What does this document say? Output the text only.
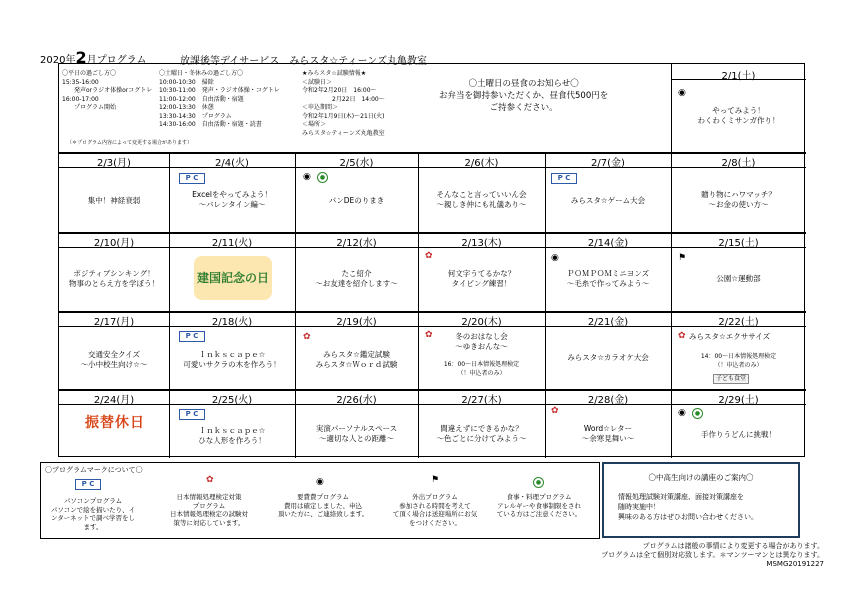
2020年2月プログラム	放課後等デイサービス　みらスタ☆ティーンズ丸亀教室
〇平日の過ごし方〇
15:35-16:00
　　発声orラジオ体操orコグトレ
16:00-17:00
　　プログラム開始
（＊プログラム内容によって変更する場合があります）
〇土曜日・冬休みの過ごし方〇
10:00-10:30　掃除
10:30-11:00　発声・ラジオ体操・コグトレ
11:00-12:00　自由活動・宿題
12:00-13:30　休憩
13:30-14:30　プログラム
14:30-16:00　自由活動・宿題・読書
★みらスタ☆試験情報★
＜試験日＞
令和2年2月20日　16:00～
　　　　　2月22日　14:00～
＜申込期間＞
令和2年1月9日(木)～21日(火)
＜場所＞
みらスタ☆ティーンズ丸亀教室
〇土曜日の昼食のお知らせ〇
お弁当を御持参いただくか、昼食代500円を
ご持参ください。
2/1(土)
◉
やってみよう！
わくわくミサンガ作り！
2/3(月)
集中！神経衰弱
2/4(火)
P C
Excelをやってみよう！
～バレンタイン編～
2/5(水)
◉	●
パンDEのりまき
2/6(木)
そんなこと言っていいん会
～親しき仲にも礼儀あり～
2/7(金)
P C
みらスタ☆ゲーム大会
2/8(土)
贈り物にハワマッチ？
～お金の使い方～
2/10(月)
ポジティブシンキング！
物事のとらえ方を学ぼう！
2/11(火)
建国記念の日
2/12(水)
たこ紹介
～お友達を紹介します～
2/13(木)
✿
何文字うてるかな？
タイピング練習！
2/14(金)
◉
ＰＯＭＰＯＭミニヨンズ
～毛糸で作ってみよう～
2/15(土)
⚑
公園☆運動部
2/17(月)
交通安全クイズ
～小中校生向け☆～
2/18(火)
P C
Ｉｎｋｓｃａｐｅ☆
可愛いサクラの木を作ろう！
2/19(水)
✿
みらスタ☆鑑定試験
みらスタ☆Ｗｏｒｄ試験
2/20(木)
✿	冬のおはなし会
～ゆきおんな～
16：00～日本情報処理検定
（！申込者のみ）
2/21(金)
みらスタ☆カラオケ大会
2/22(土)
✿ みらスタ☆エクササイズ
14：00～日本情報処理検定
（！申込者のみ）
子ども食堂
2/24(月)
振替休日
2/25(火)
P C
Ｉｎｋｓｃａｐｅ☆
ひな人形を作ろう！
2/26(水)
実演パーソナルスペース
～適切な人との距離～
2/27(木)
間違えずにできるかな？
～色ごとに分けてみよう～
2/28(金)
✿
Word☆レター
～余寒見舞い～
2/29(土)
◉	●
手作りうどんに挑戦！
〇プログラムマークについて〇
P C
パソコンプログラム
パソコンで絵を描いたり、イ
ンターネットで調べ学習をし
ます。
✿
日本情報処理検定対策
プログラム
日本情報処理検定の試験対
策等に対応しています。
◉
要費費プログラム
費用は確定しました、申込
頂いた方に、ご連絡致します。
⚑
外出プログラム
参加される時間を考えて
て頂く場合は送迎場所にお気
をつけください。
●
食事・料理プログラム
アレルギーや食事制限をされ
ている方はご注意ください。
〇中高生向けの講座のご案内〇
情報処理試験対策講座、面接対策講座を
随時実施中！
興味のある方はぜひお問い合わせください。
プログラムは諸般の事情により変更する場合があります。
プログラムは全て個別対応致します。＊マンツーマンとは異なります。
MSMG20191227
